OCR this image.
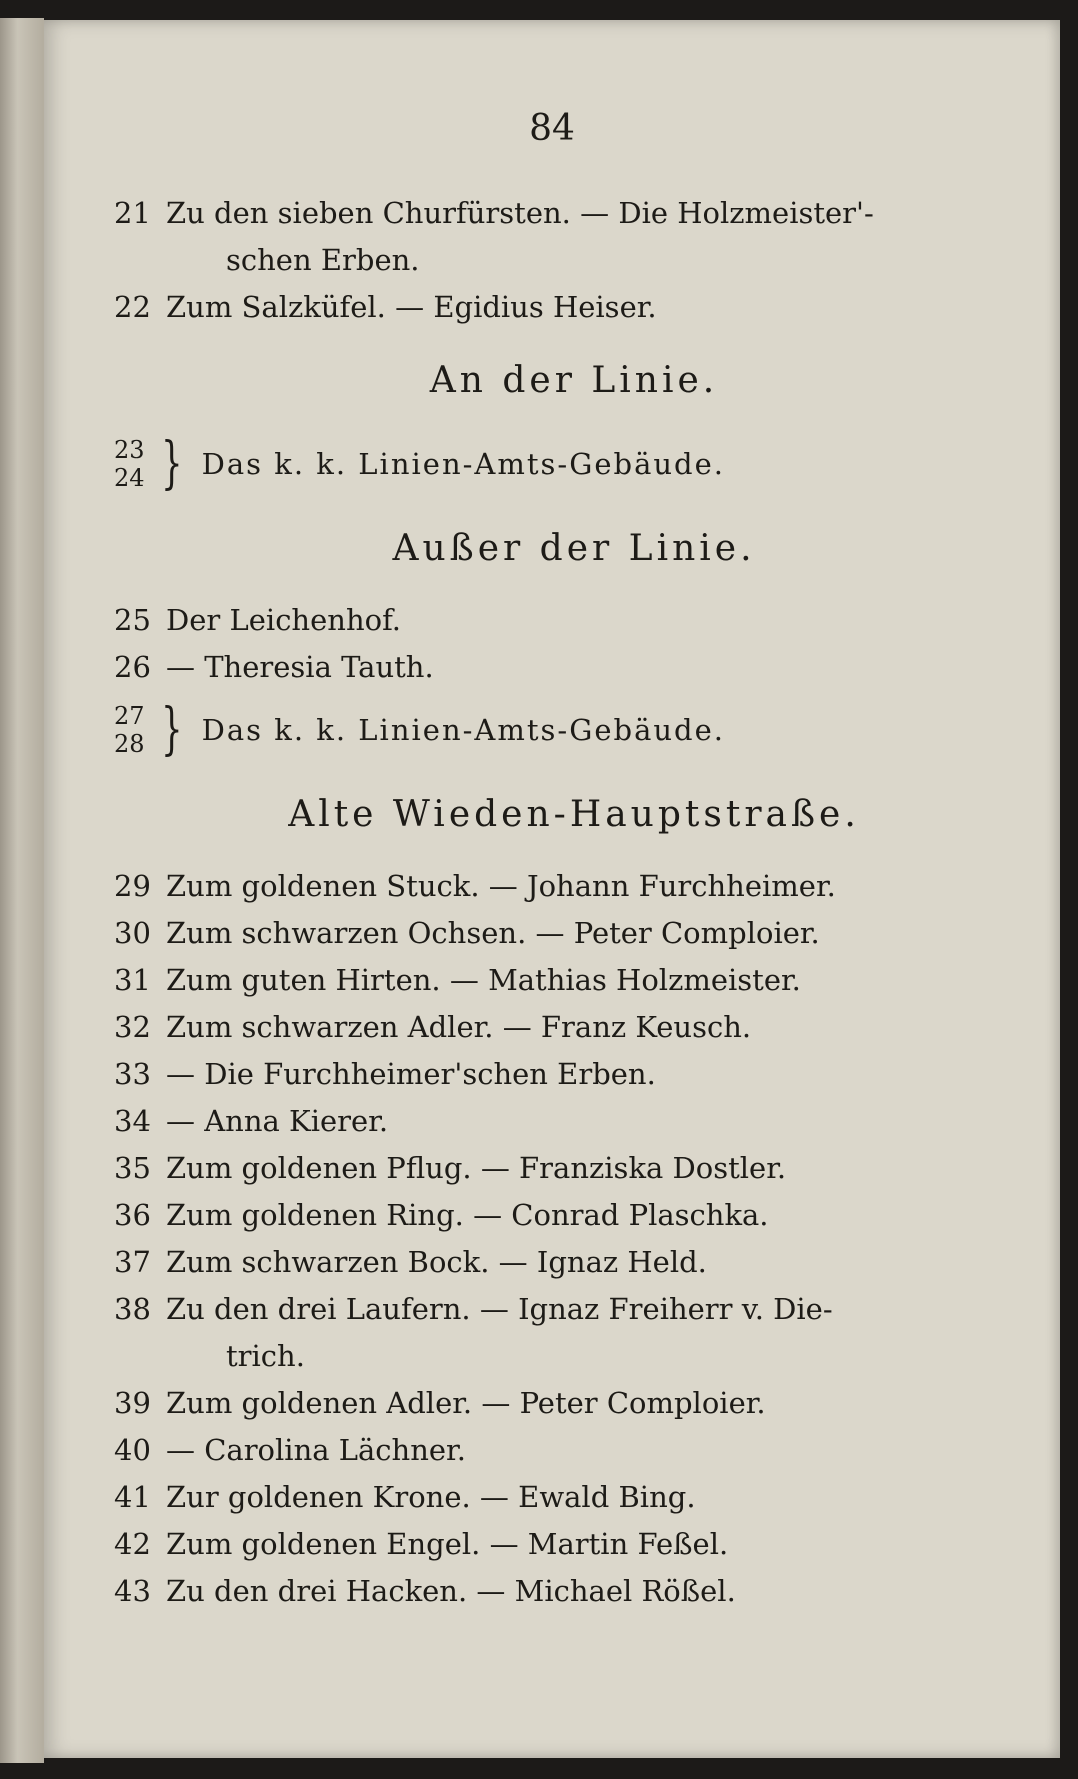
84
21 Zu den sieben Churfürsten. — Die Holzmeister'-
schen Erben.
22 Zum Salzküfel. — Egidius Heiser.
An der Linie.
23
24 } Das k. k. Linien-Amts-Gebäude.
Außer der Linie.
25 Der Leichenhof.
26 — Theresia Tauth.
27
28 } Das k. k. Linien-Amts-Gebäude.
Alte Wieden-Hauptstraße.
29 Zum goldenen Stuck. — Johann Furchheimer.
30 Zum schwarzen Ochsen. — Peter Comploier.
31 Zum guten Hirten. — Mathias Holzmeister.
32 Zum schwarzen Adler. — Franz Keusch.
33 — Die Furchheimer'schen Erben.
34 — Anna Kierer.
35 Zum goldenen Pflug. — Franziska Dostler.
36 Zum goldenen Ring. — Conrad Plaschka.
37 Zum schwarzen Bock. — Ignaz Held.
38 Zu den drei Laufern. — Ignaz Freiherr v. Die-
trich.
39 Zum goldenen Adler. — Peter Comploier.
40 — Carolina Lächner.
41 Zur goldenen Krone. — Ewald Bing.
42 Zum goldenen Engel. — Martin Feßel.
43 Zu den drei Hacken. — Michael Rößel.
